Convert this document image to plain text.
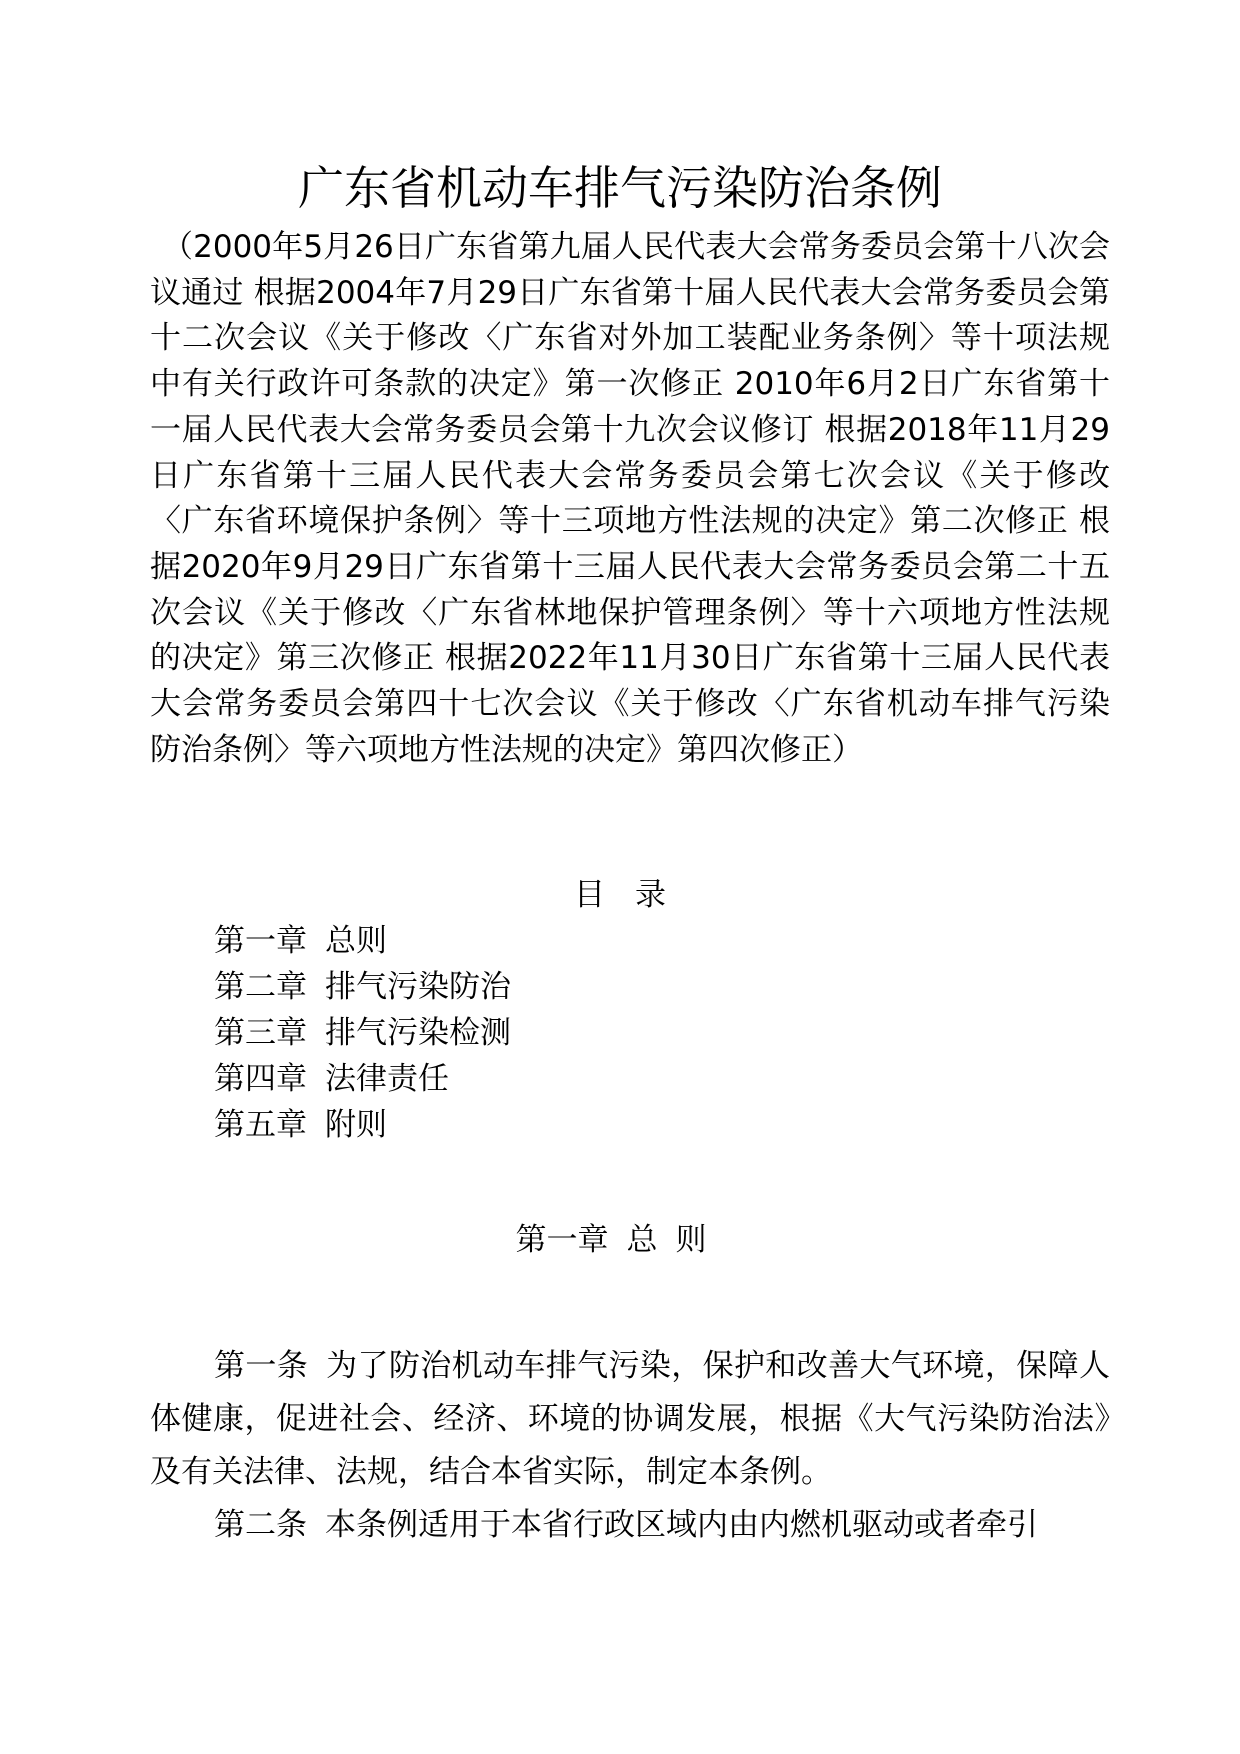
广东省机动车排气污染防治条例

（2000年5月26日广东省第九届人民代表大会常务委员会第十八次会议通过 根据2004年7月29日广东省第十届人民代表大会常务委员会第十二次会议《关于修改〈广东省对外加工装配业务条例〉等十项法规中有关行政许可条款的决定》第一次修正 2010年6月2日广东省第十一届人民代表大会常务委员会第十九次会议修订 根据2018年11月29日广东省第十三届人民代表大会常务委员会第七次会议《关于修改〈广东省环境保护条例〉等十三项地方性法规的决定》第二次修正 根据2020年9月29日广东省第十三届人民代表大会常务委员会第二十五次会议《关于修改〈广东省林地保护管理条例〉等十六项地方性法规的决定》第三次修正 根据2022年11月30日广东省第十三届人民代表大会常务委员会第四十七次会议《关于修改〈广东省机动车排气污染防治条例〉等六项地方性法规的决定》第四次修正）

目录
第一章 总则
第二章 排气污染防治
第三章 排气污染检测
第四章 法律责任
第五章 附则
第一章 总则

第一条 为了防治机动车排气污染，保护和改善大气环境，保障人体健康，促进社会、经济、环境的协调发展，根据《大气污染防治法》及有关法律、法规，结合本省实际，制定本条例。

第二条 本条例适用于本省行政区域内由内燃机驱动或者牵引
